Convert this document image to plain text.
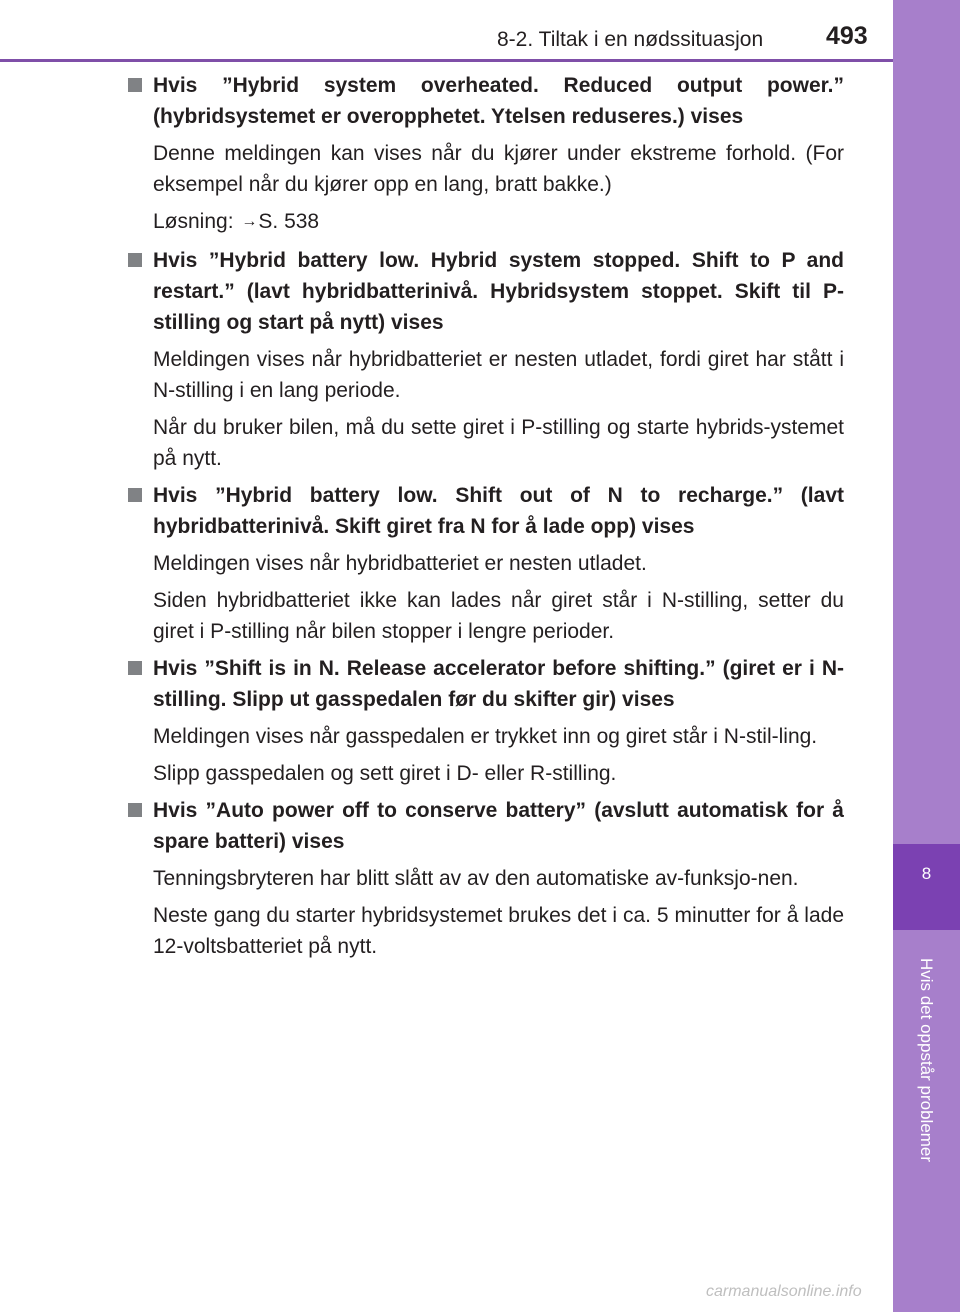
8-2. Tiltak i en nødssituasjon	493
8
Hvis det oppstår problemer
Hvis ”Hybrid system overheated. Reduced output power.” (hybridsystemet er overopphetet. Ytelsen reduseres.) vises
Denne meldingen kan vises når du kjører under ekstreme forhold. (For eksempel når du kjører opp en lang, bratt bakke.)
Løsning: →S. 538
Hvis ”Hybrid battery low. Hybrid system stopped. Shift to P and restart.” (lavt hybridbatterinivå. Hybridsystem stoppet. Skift til P-stilling og start på nytt) vises
Meldingen vises når hybridbatteriet er nesten utladet, fordi giret har stått i N-stilling i en lang periode.
Når du bruker bilen, må du sette giret i P-stilling og starte hybrids-ystemet på nytt.
Hvis ”Hybrid battery low. Shift out of N to recharge.” (lavt hybridbatterinivå. Skift giret fra N for å lade opp) vises
Meldingen vises når hybridbatteriet er nesten utladet.
Siden hybridbatteriet ikke kan lades når giret står i N-stilling, setter du giret i P-stilling når bilen stopper i lengre perioder.
Hvis ”Shift is in N. Release accelerator before shifting.” (giret er i N-stilling. Slipp ut gasspedalen før du skifter gir) vises
Meldingen vises når gasspedalen er trykket inn og giret står i N-stil-ling.
Slipp gasspedalen og sett giret i D- eller R-stilling.
Hvis ”Auto power off to conserve battery” (avslutt automatisk for å spare batteri) vises
Tenningsbryteren har blitt slått av av den automatiske av-funksjo-nen.
Neste gang du starter hybridsystemet brukes det i ca. 5 minutter for å lade 12-voltsbatteriet på nytt.
carmanualsonline.info
